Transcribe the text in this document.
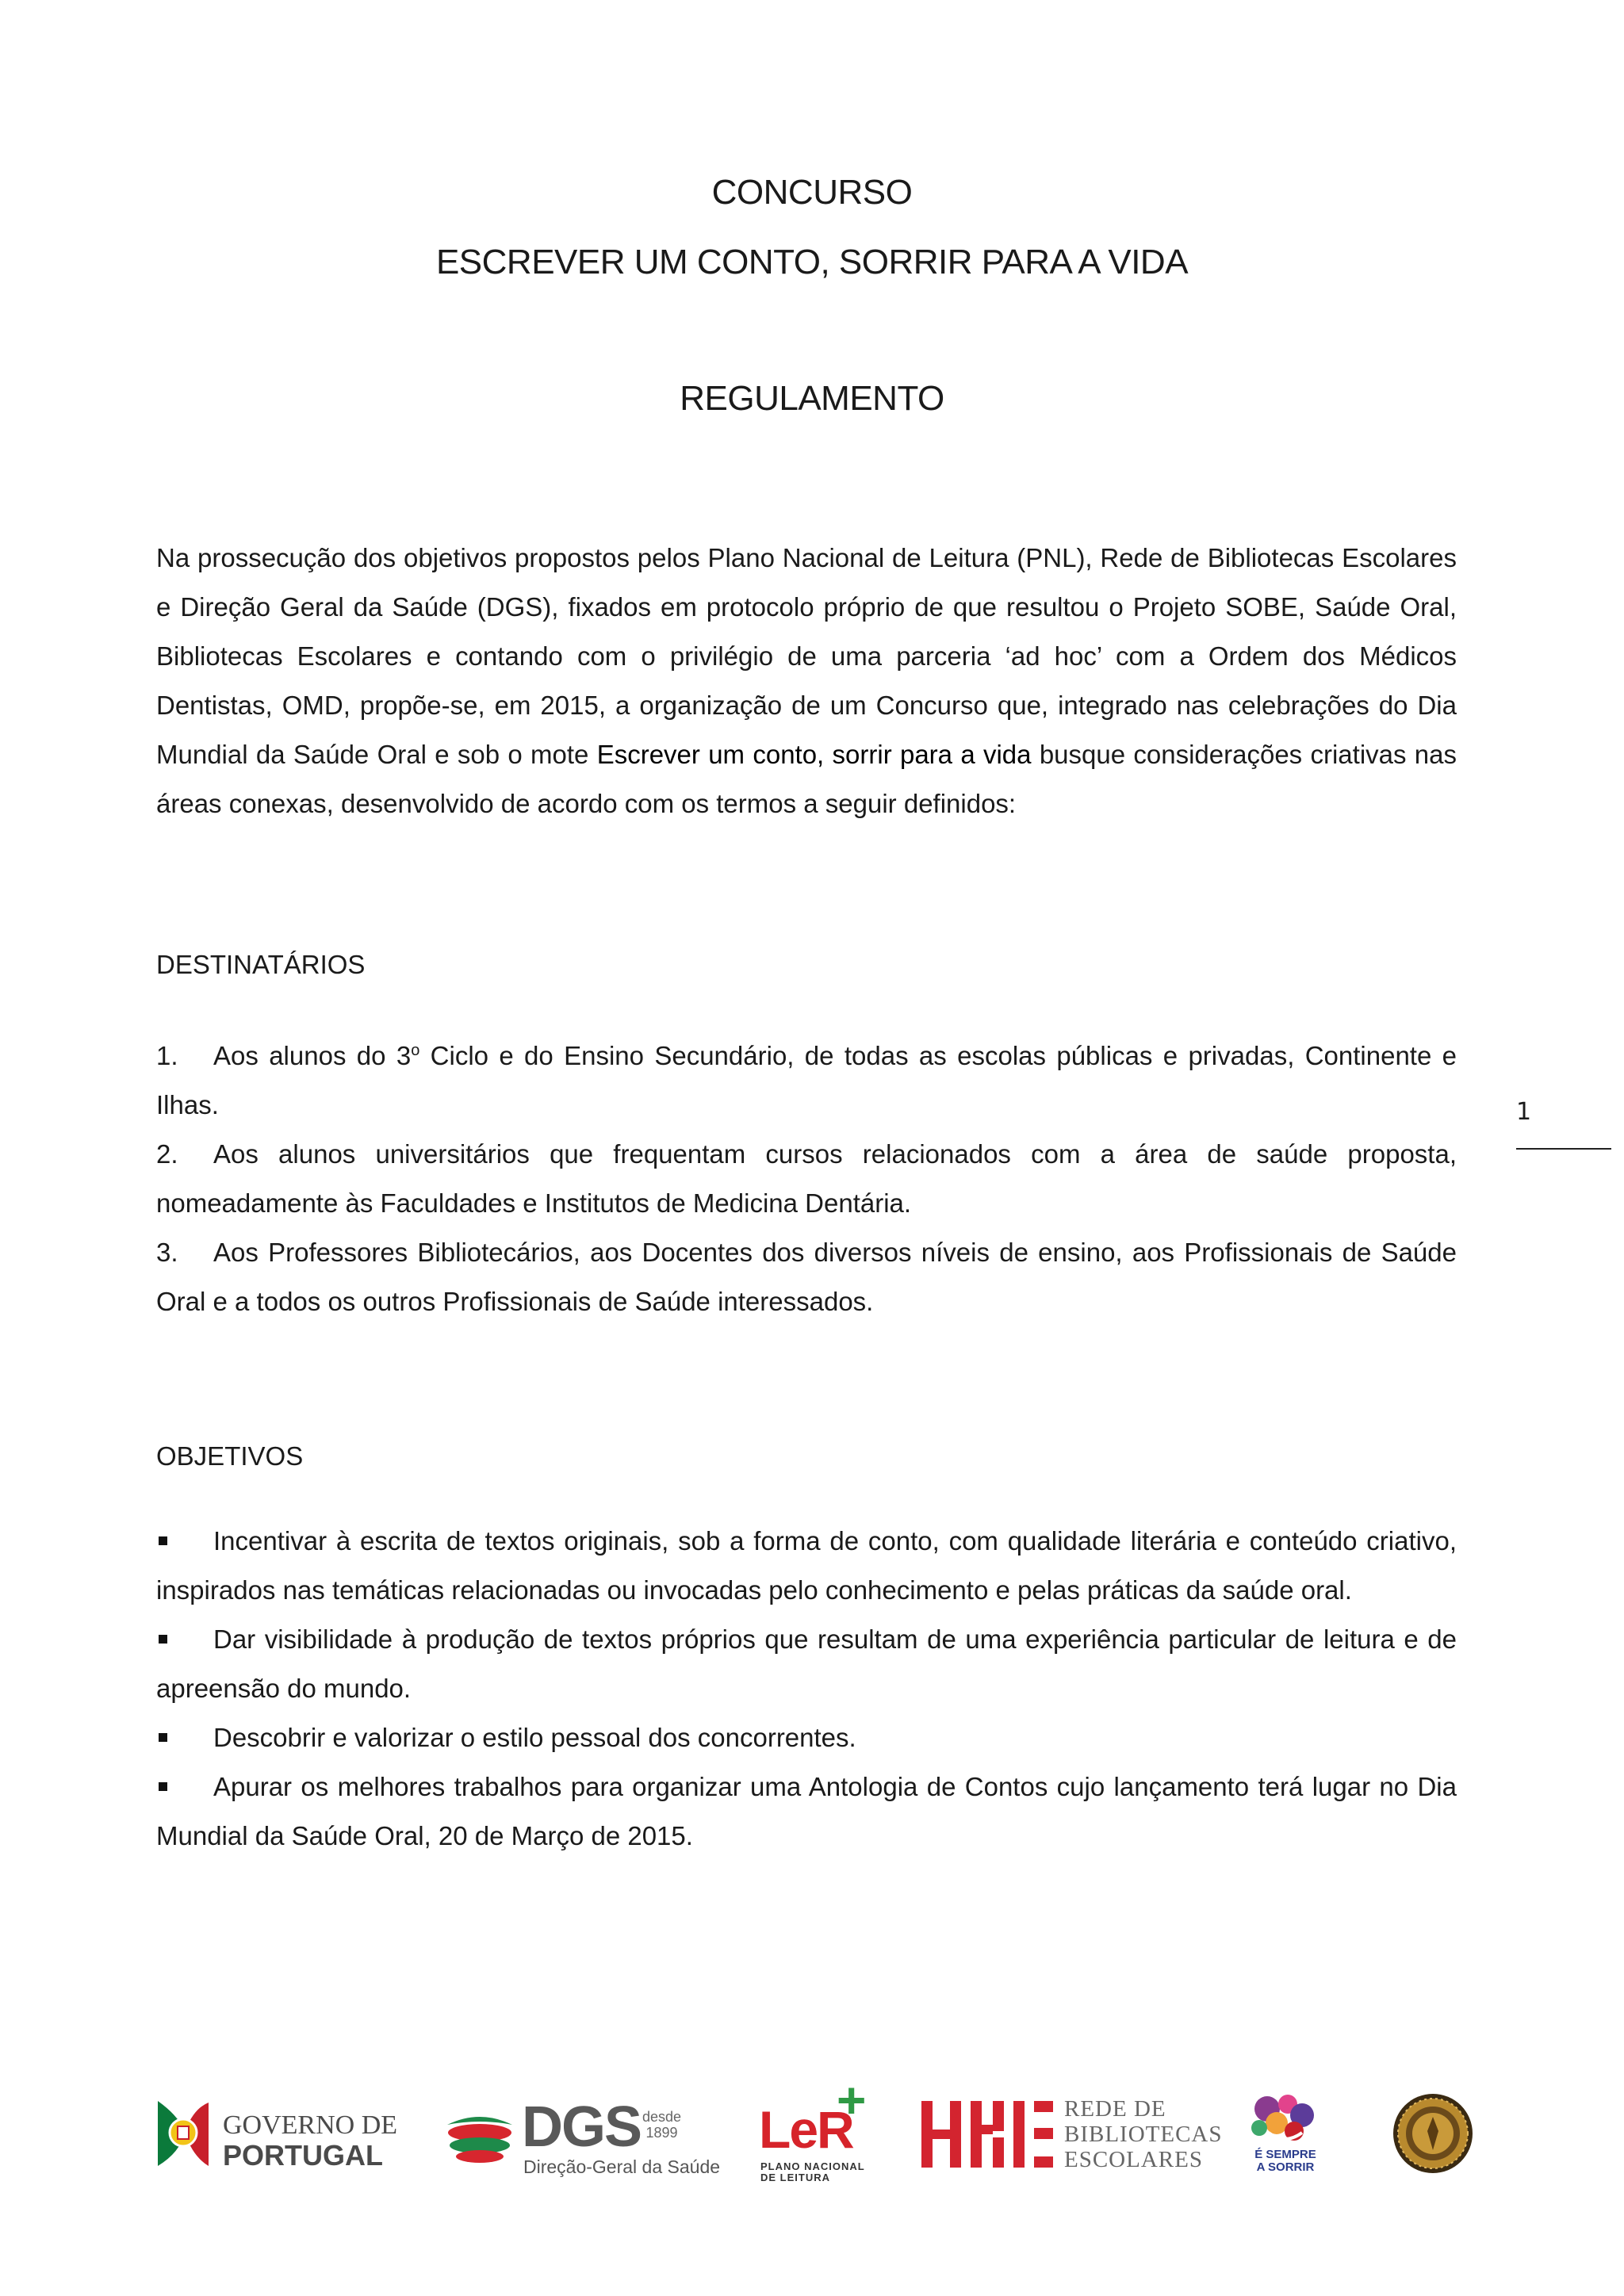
CONCURSO
ESCREVER UM CONTO, SORRIR PARA A VIDA
REGULAMENTO
Na prossecução dos objetivos propostos pelos Plano Nacional de Leitura (PNL), Rede de Bibliotecas Escolares e Direção Geral da Saúde (DGS), fixados em protocolo próprio de que resultou o Projeto SOBE, Saúde Oral, Bibliotecas Escolares e contando com o privilégio de uma parceria ‘ad hoc’ com a Ordem dos Médicos Dentistas, OMD, propõe-se, em 2015, a organização de um Concurso que, integrado nas celebrações do Dia Mundial da Saúde Oral e sob o mote Escrever um conto, sorrir para a vida busque considerações criativas nas áreas conexas, desenvolvido de acordo com os termos a seguir definidos:
DESTINATÁRIOS
1. Aos alunos do 3$^o$ Ciclo e do Ensino Secundário, de todas as escolas públicas e privadas, Continente e Ilhas.
2. Aos alunos universitários que frequentam cursos relacionados com a área de saúde proposta, nomeadamente às Faculdades e Institutos de Medicina Dentária.
3. Aos Professores Bibliotecários, aos Docentes dos diversos níveis de ensino, aos Profissionais de Saúde Oral e a todos os outros Profissionais de Saúde interessados.
OBJETIVOS
Incentivar à escrita de textos originais, sob a forma de conto, com qualidade literária e conteúdo criativo, inspirados nas temáticas relacionadas ou invocadas pelo conhecimento e pelas práticas da saúde oral.
Dar visibilidade à produção de textos próprios que resultam de uma experiência particular de leitura e de apreensão do mundo.
Descobrir e valorizar o estilo pessoal dos concorrentes.
Apurar os melhores trabalhos para organizar uma Antologia de Contos cujo lançamento terá lugar no Dia Mundial da Saúde Oral, 20 de Março de 2015.
1
GOVERNO DE
PORTUGAL DGS desde
1899
Direção-Geral da Saúde
LeR
+
PLANO NACIONAL
DE LEITURA
REDE DE
BIBLIOTECAS
ESCOLARES	É SEMPRE
A SORRIR
